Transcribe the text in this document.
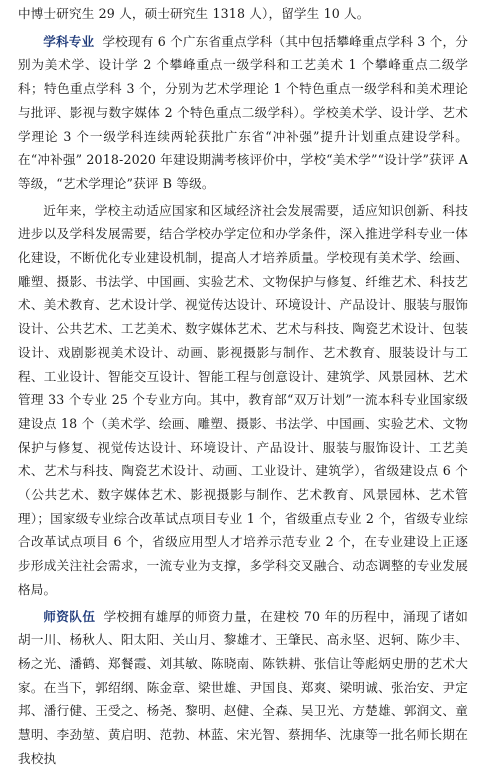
中博士研究生 29 人，硕士研究生 1318 人），留学生 10 人。

学科专业 学校现有 6 个广东省重点学科（其中包括攀峰重点学科 3 个，分别为美术学、设计学 2 个攀峰重点一级学科和工艺美术 1 个攀峰重点二级学科；特色重点学科 3 个，分别为艺术学理论 1 个特色重点一级学科和美术理论与批评、影视与数字媒体 2 个特色重点二级学科）。学校美术学、设计学、艺术学理论 3 个一级学科连续两轮获批广东省“冲补强”提升计划重点建设学科。在“冲补强” 2018-2020 年建设期满考核评价中，学校“美术学”“设计学”获评 A 等级，“艺术学理论”获评 B 等级。

近年来，学校主动适应国家和区域经济社会发展需要，适应知识创新、科技进步以及学科发展需要，结合学校办学定位和办学条件，深入推进学科专业一体化建设，不断优化专业建设机制，提高人才培养质量。学校现有美术学、绘画、雕塑、摄影、书法学、中国画、实验艺术、文物保护与修复、纤维艺术、科技艺术、美术教育、艺术设计学、视觉传达设计、环境设计、产品设计、服装与服饰设计、公共艺术、工艺美术、数字媒体艺术、艺术与科技、陶瓷艺术设计、包装设计、戏剧影视美术设计、动画、影视摄影与制作、艺术教育、服装设计与工程、工业设计、智能交互设计、智能工程与创意设计、建筑学、风景园林、艺术管理 33 个专业 25 个专业方向。其中，教育部“双万计划”一流本科专业国家级建设点 18 个（美术学、绘画、雕塑、摄影、书法学、中国画、实验艺术、文物保护与修复、视觉传达设计、环境设计、产品设计、服装与服饰设计、工艺美术、艺术与科技、陶瓷艺术设计、动画、工业设计、建筑学），省级建设点 6 个（公共艺术、数字媒体艺术、影视摄影与制作、艺术教育、风景园林、艺术管理）；国家级专业综合改革试点项目专业 1 个，省级重点专业 2 个，省级专业综合改革试点项目 6 个，省级应用型人才培养示范专业 2 个，在专业建设上正逐步形成关注社会需求，一流专业为支撑，多学科交叉融合、动态调整的专业发展格局。

师资队伍 学校拥有雄厚的师资力量，在建校 70 年的历程中，涌现了诸如胡一川、杨秋人、阳太阳、关山月、黎雄才、王肇民、高永坚、迟轲、陈少丰、杨之光、潘鹤、郑餐霞、刘其敏、陈晓南、陈铁耕、张信让等彪炳史册的艺术大家。在当下，郭绍纲、陈金章、梁世雄、尹国良、郑爽、梁明诚、张治安、尹定邦、潘行健、王受之、杨尧、黎明、赵健、全森、吴卫光、方楚雄、郭润文、童慧明、李劲堃、黄启明、范勃、林蓝、宋光智、蔡拥华、沈康等一批名师长期在我校执
